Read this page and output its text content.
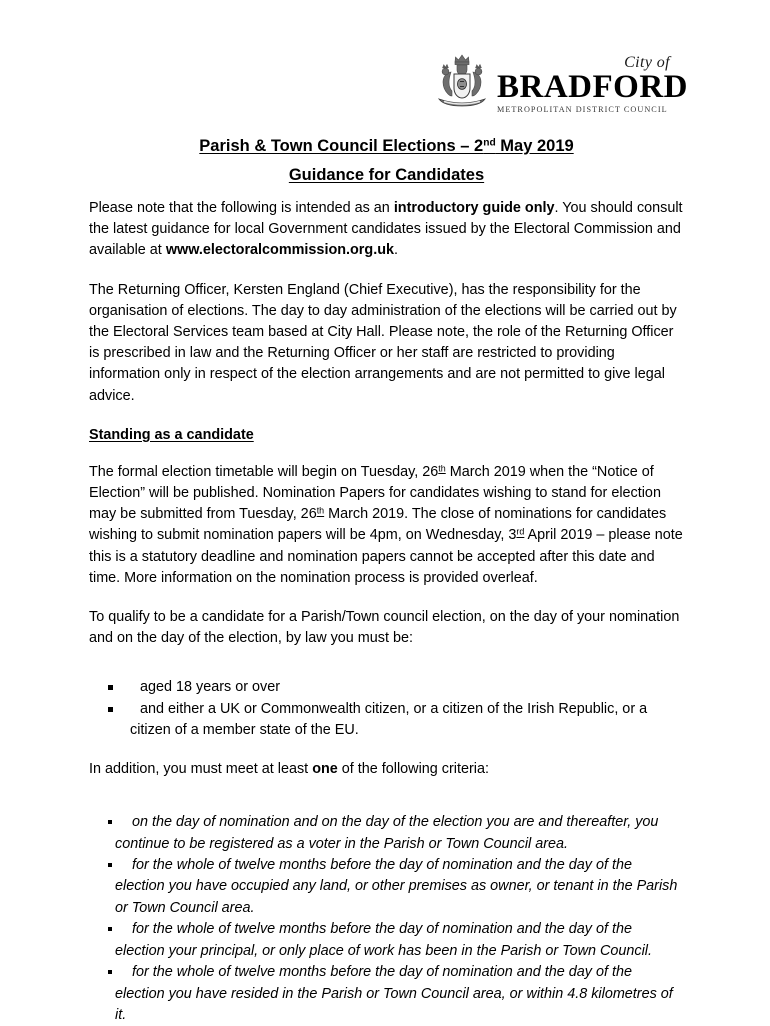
City of
BRADFORD
METROPOLITAN DISTRICT COUNCIL
Parish & Town Council Elections – 2nd May 2019
Guidance for Candidates

Please note that the following is intended as an introductory guide only. You should consult the latest guidance for local Government candidates issued by the Electoral Commission and available at www.electoralcommission.org.uk.

The Returning Officer, Kersten England (Chief Executive), has the responsibility for the organisation of elections. The day to day administration of the elections will be carried out by the Electoral Services team based at City Hall. Please note, the role of the Returning Officer is prescribed in law and the Returning Officer or her staff are restricted to providing information only in respect of the election arrangements and are not permitted to give legal advice.

Standing as a candidate

The formal election timetable will begin on Tuesday, 26th March 2019 when the “Notice of Election” will be published. Nomination Papers for candidates wishing to stand for election may be submitted from Tuesday, 26th March 2019. The close of nominations for candidates wishing to submit nomination papers will be 4pm, on Wednesday, 3rd April 2019 – please note this is a statutory deadline and nomination papers cannot be accepted after this date and time. More information on the nomination process is provided overleaf.

To qualify to be a candidate for a Parish/Town council election, on the day of your nomination and on the day of the election, by law you must be:

aged 18 years or over
and either a UK or Commonwealth citizen, or a citizen of the Irish Republic, or a citizen of a member state of the EU.

In addition, you must meet at least one of the following criteria:

on the day of nomination and on the day of the election you are and thereafter, you continue to be registered as a voter in the Parish or Town Council area.
for the whole of twelve months before the day of nomination and the day of the election you have occupied any land, or other premises as owner, or tenant in the Parish or Town Council area.
for the whole of twelve months before the day of nomination and the day of the election your principal, or only place of work has been in the Parish or Town Council.
for the whole of twelve months before the day of nomination and the day of the election you have resided in the Parish or Town Council area, or within 4.8 kilometres of it.
